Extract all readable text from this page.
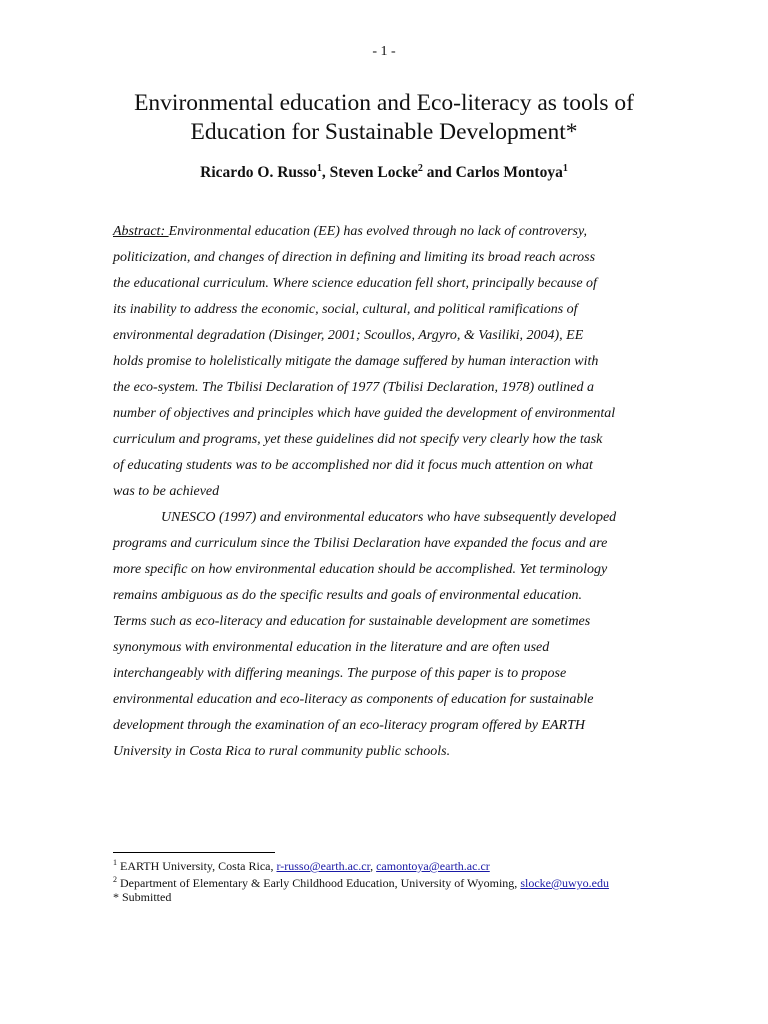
- 1 -
Environmental education and Eco-literacy as tools of
Education for Sustainable Development*
Ricardo O. Russo$^1$, Steven Locke$^2$ and Carlos Montoya$^1$
Abstract: Environmental education (EE) has evolved through no lack of controversy,
politicization, and changes of direction in defining and limiting its broad reach across
the educational curriculum. Where science education fell short, principally because of
its inability to address the economic, social, cultural, and political ramifications of
environmental degradation (Disinger, 2001; Scoullos, Argyro, & Vasiliki, 2004), EE
holds promise to holelistically mitigate the damage suffered by human interaction with
the eco-system. The Tbilisi Declaration of 1977 (Tbilisi Declaration, 1978) outlined a
number of objectives and principles which have guided the development of environmental
curriculum and programs, yet these guidelines did not specify very clearly how the task
of educating students was to be accomplished nor did it focus much attention on what
was to be achieved
UNESCO (1997) and environmental educators who have subsequently developed
programs and curriculum since the Tbilisi Declaration have expanded the focus and are
more specific on how environmental education should be accomplished. Yet terminology
remains ambiguous as do the specific results and goals of environmental education.
Terms such as eco-literacy and education for sustainable development are sometimes
synonymous with environmental education in the literature and are often used
interchangeably with differing meanings. The purpose of this paper is to propose
environmental education and eco-literacy as components of education for sustainable
development through the examination of an eco-literacy program offered by EARTH
University in Costa Rica to rural community public schools.
$^1$ EARTH University, Costa Rica, r-russo@earth.ac.cr, camontoya@earth.ac.cr
$^2$ Department of Elementary & Early Childhood Education, University of Wyoming, slocke@uwyo.edu
* Submitted
